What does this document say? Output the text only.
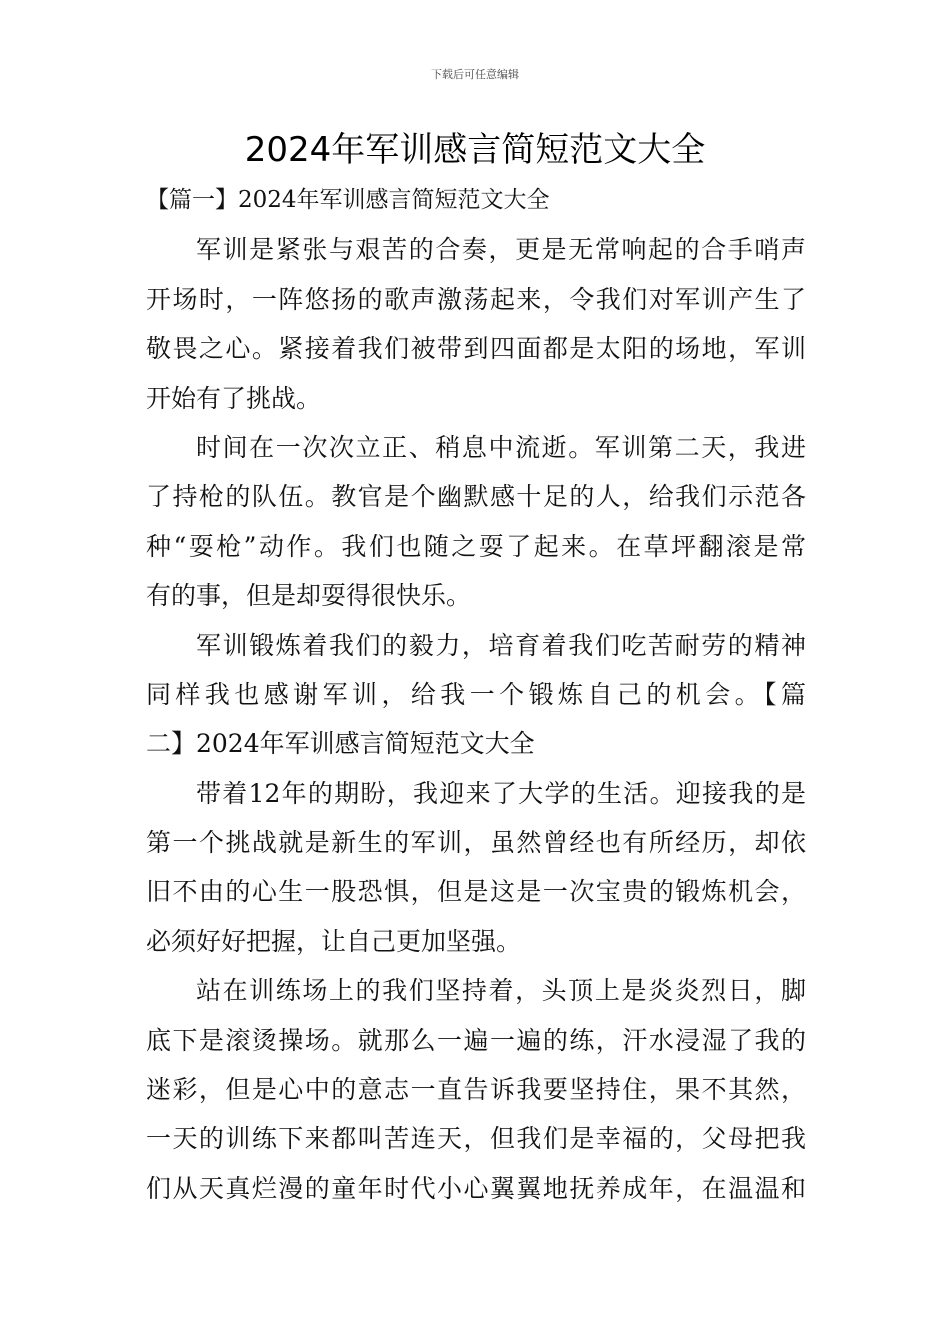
下载后可任意编辑
2024年军训感言简短范文大全
【篇一】2024年军训感言简短范文大全
军训是紧张与艰苦的合奏，更是无常响起的合手哨声
开场时，一阵悠扬的歌声激荡起来，令我们对军训产生了
敬畏之心。紧接着我们被带到四面都是太阳的场地，军训
开始有了挑战。
时间在一次次立正、稍息中流逝。军训第二天，我进
了持枪的队伍。教官是个幽默感十足的人，给我们示范各
种“耍枪”动作。我们也随之耍了起来。在草坪翻滚是常
有的事，但是却耍得很快乐。
军训锻炼着我们的毅力，培育着我们吃苦耐劳的精神
同样我也感谢军训，给我一个锻炼自己的机会。【篇
二】2024年军训感言简短范文大全
带着12年的期盼，我迎来了大学的生活。迎接我的是
第一个挑战就是新生的军训，虽然曾经也有所经历，却依
旧不由的心生一股恐惧，但是这是一次宝贵的锻炼机会，
必须好好把握，让自己更加坚强。
站在训练场上的我们坚持着，头顶上是炎炎烈日，脚
底下是滚烫操场。就那么一遍一遍的练，汗水浸湿了我的
迷彩，但是心中的意志一直告诉我要坚持住，果不其然，
一天的训练下来都叫苦连天，但我们是幸福的，父母把我
们从天真烂漫的童年时代小心翼翼地抚养成年，在温温和
